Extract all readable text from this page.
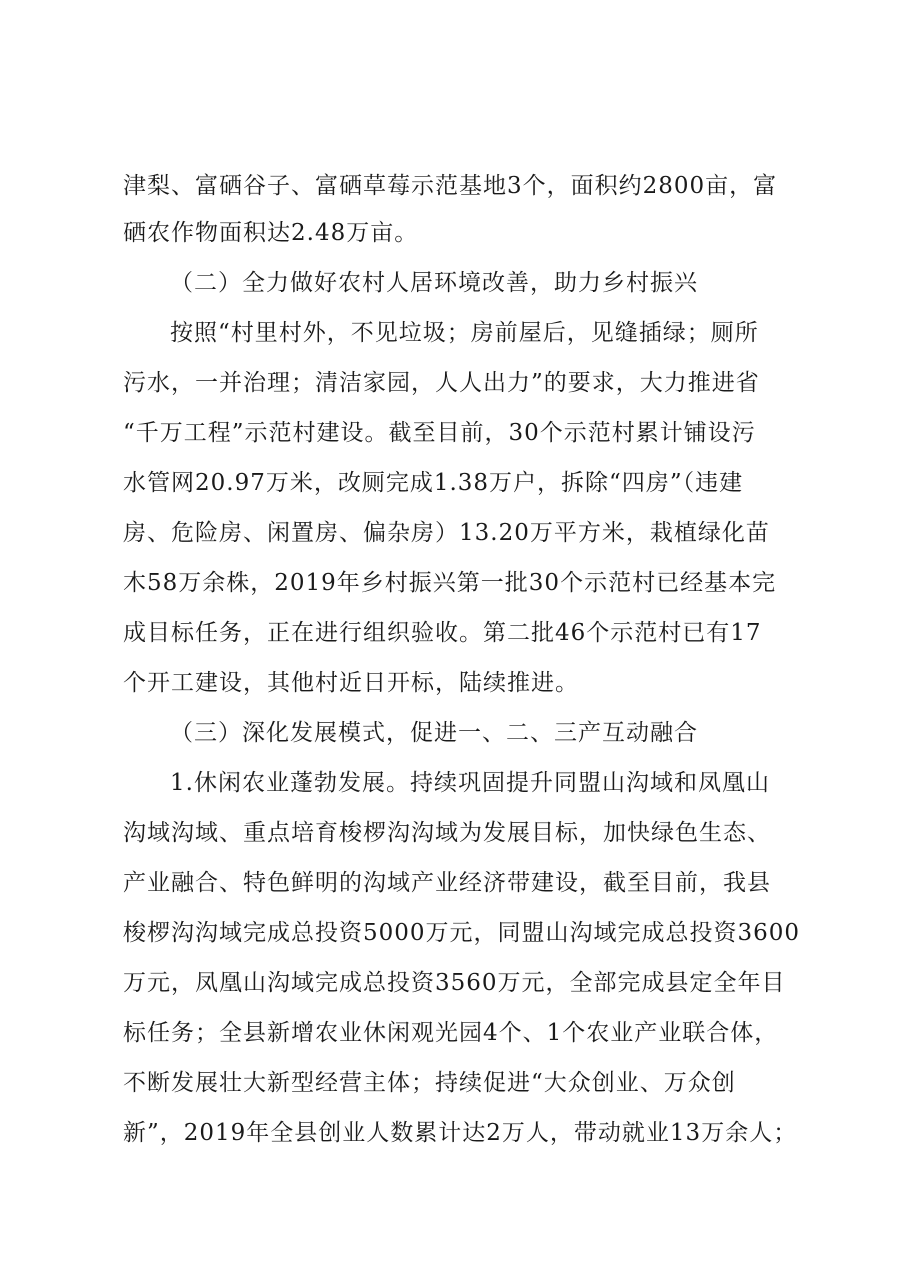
津梨、富硒谷子、富硒草莓示范基地3个，面积约2800亩，富
硒农作物面积达2.48万亩。
（二）全力做好农村人居环境改善，助力乡村振兴
按照“村里村外，不见垃圾；房前屋后，见缝插绿；厕所
污水，一并治理；清洁家园，人人出力”的要求，大力推进省
“千万工程”示范村建设。截至目前，30个示范村累计铺设污
水管网20.97万米，改厕完成1.38万户，拆除“四房”（违建
房、危险房、闲置房、偏杂房）13.20万平方米，栽植绿化苗
木58万余株，2019年乡村振兴第一批30个示范村已经基本完
成目标任务，正在进行组织验收。第二批46个示范村已有17
个开工建设，其他村近日开标，陆续推进。
（三）深化发展模式，促进一、二、三产互动融合
1.休闲农业蓬勃发展。持续巩固提升同盟山沟域和凤凰山
沟域沟域、重点培育梭椤沟沟域为发展目标，加快绿色生态、
产业融合、特色鲜明的沟域产业经济带建设，截至目前，我县
梭椤沟沟域完成总投资5000万元，同盟山沟域完成总投资3600
万元，凤凰山沟域完成总投资3560万元，全部完成县定全年目
标任务；全县新增农业休闲观光园4个、1个农业产业联合体，
不断发展壮大新型经营主体；持续促进“大众创业、万众创
新”，2019年全县创业人数累计达2万人，带动就业13万余人；
